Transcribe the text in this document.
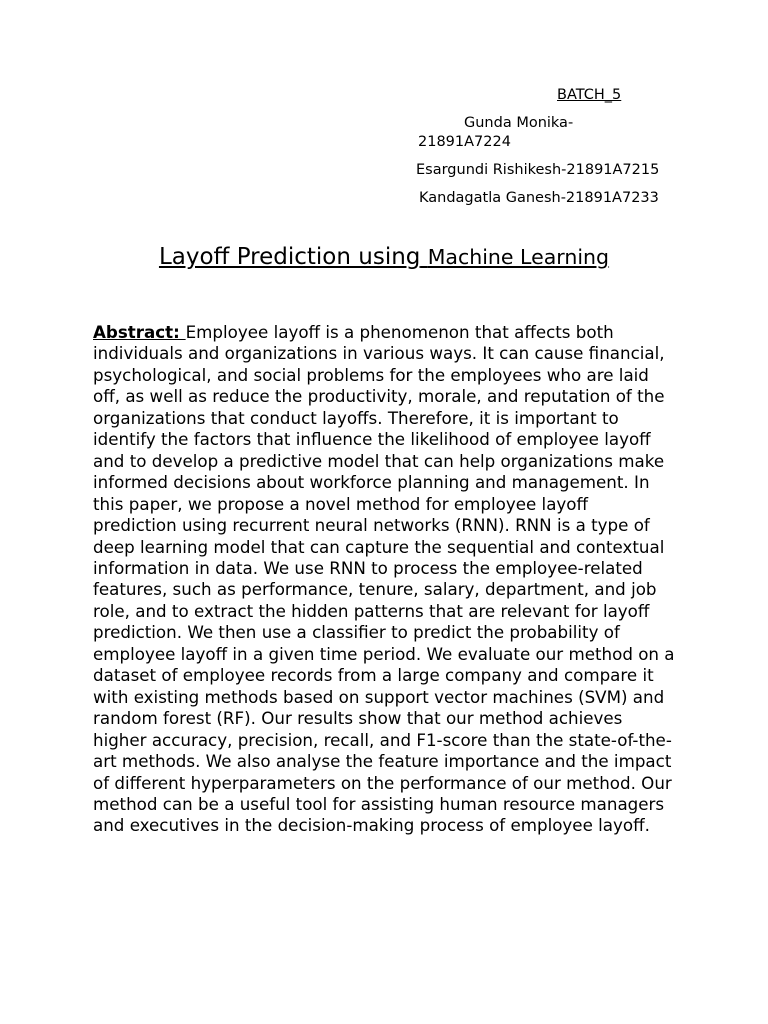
BATCH_5
Gunda Monika-21891A7224
Esargundi Rishikesh-21891A7215
Kandagatla Ganesh-21891A7233
Layoff Prediction using Machine Learning

Abstract: Employee layoff is a phenomenon that affects both individuals and organizations in various ways. It can cause financial, psychological, and social problems for the employees who are laid off, as well as reduce the productivity, morale, and reputation of the organizations that conduct layoffs. Therefore, it is important to identify the factors that influence the likelihood of employee layoff and to develop a predictive model that can help organizations make informed decisions about workforce planning and management. In this paper, we propose a novel method for employee layoff prediction using recurrent neural networks (RNN). RNN is a type of deep learning model that can capture the sequential and contextual information in data. We use RNN to process the employee-related features, such as performance, tenure, salary, department, and job role, and to extract the hidden patterns that are relevant for layoff prediction. We then use a classifier to predict the probability of employee layoff in a given time period. We evaluate our method on a dataset of employee records from a large company and compare it with existing methods based on support vector machines (SVM) and random forest (RF). Our results show that our method achieves higher accuracy, precision, recall, and F1-score than the state-of-the-art methods. We also analyse the feature importance and the impact of different hyperparameters on the performance of our method. Our method can be a useful tool for assisting human resource managers and executives in the decision-making process of employee layoff.
